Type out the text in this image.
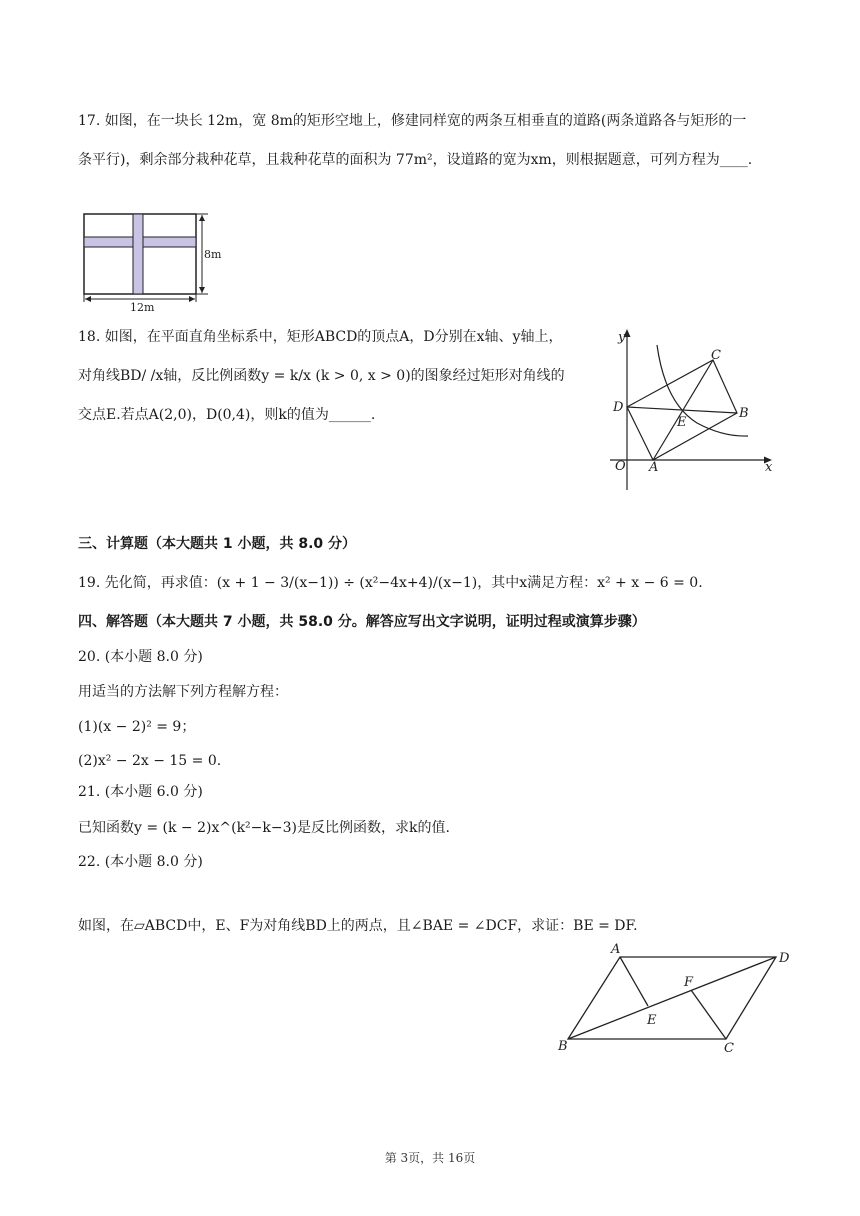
17. 如图，在一块长 12m，宽 8m的矩形空地上，修建同样宽的两条互相垂直的道路(两条道路各与矩形的一
条平行)，剩余部分栽种花草，且栽种花草的面积为 77m²，设道路的宽为xm，则根据题意，可列方程为____.
12m
8m
18. 如图，在平面直角坐标系中，矩形ABCD的顶点A，D分别在x轴、y轴上，
对角线BD/ /x轴，反比例函数y = k/x (k > 0, x > 0)的图象经过矩形对角线的
交点E.若点A(2,0)，D(0,4)，则k的值为______.
y
x
O A
B
C
D
E
三、计算题（本大题共 1 小题，共 8.0 分）
19. 先化简，再求值：(x + 1 − 3/(x−1)) ÷ (x²−4x+4)/(x−1)，其中x满足方程：x² + x − 6 = 0.
四、解答题（本大题共 7 小题，共 58.0 分。解答应写出文字说明，证明过程或演算步骤）
20. (本小题 8.0 分)
用适当的方法解下列方程解方程：
(1)(x − 2)² = 9；
(2)x² − 2x − 15 = 0.
21. (本小题 6.0 分)
已知函数y = (k − 2)x^(k²−k−3)是反比例函数，求k的值.
22. (本小题 8.0 分)
如图，在▱ABCD中，E、F为对角线BD上的两点，且∠BAE = ∠DCF，求证：BE = DF.
A
B	C
D
E
F
第 3页，共 16页
